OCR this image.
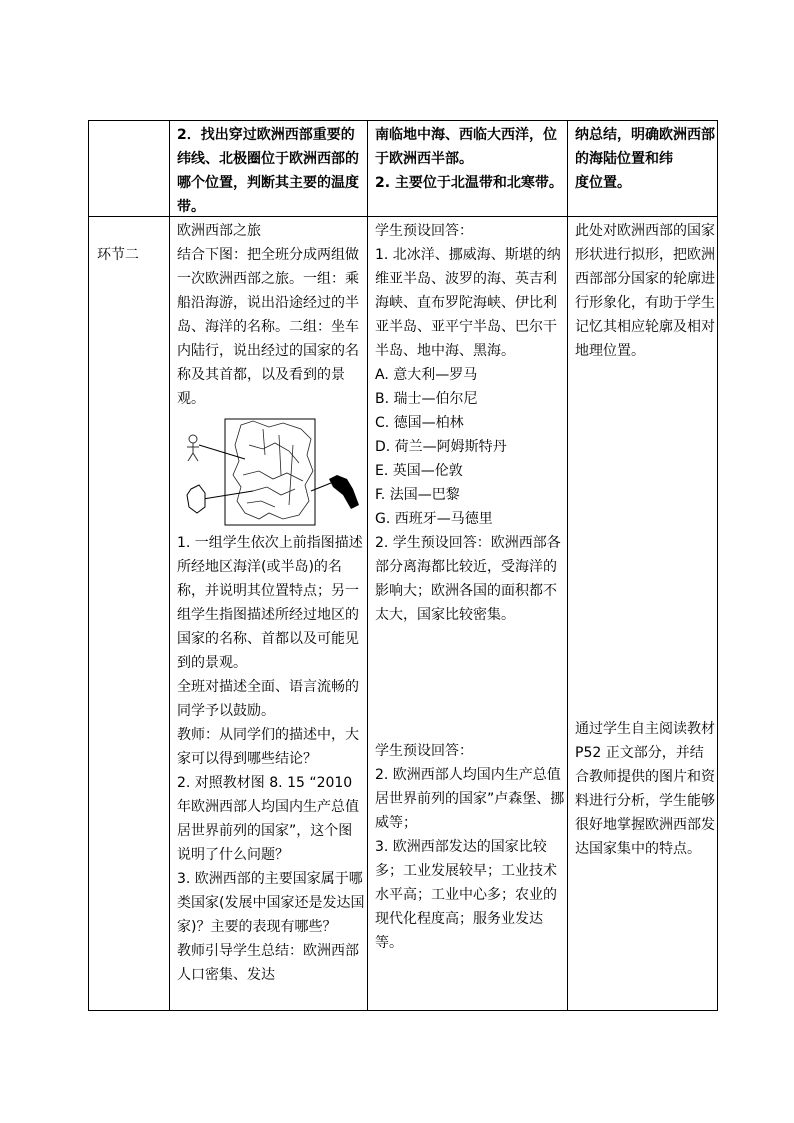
2．找出穿过欧洲西部重要的纬线、北极圈位于欧洲西部的哪个位置，判断其主要的温度带。
南临地中海、西临大西洋，位于欧洲西半部。
2. 主要位于北温带和北寒带。
纳总结，明确欧洲西部的海陆位置和纬
度位置。
环节二
欧洲西部之旅
结合下图：把全班分成两组做一次欧洲西部之旅。一组：乘船沿海游，说出沿途经过的半岛、海洋的名称。二组：坐车内陆行，说出经过的国家的名称及其首都，以及看到的景观。
1. 一组学生依次上前指图描述所经地区海洋(或半岛)的名称，并说明其位置特点；另一组学生指图描述所经过地区的国家的名称、首都以及可能见到的景观。
全班对描述全面、语言流畅的同学予以鼓励。
教师：从同学们的描述中，大家可以得到哪些结论？
2. 对照教材图 8. 15 “2010年欧洲西部人均国内生产总值居世界前列的国家”，这个图说明了什么问题？
3. 欧洲西部的主要国家属于哪类国家(发展中国家还是发达国家)？主要的表现有哪些？
教师引导学生总结：欧洲西部人口密集、发达
学生预设回答：
1. 北冰洋、挪威海、斯堪的纳维亚半岛、波罗的海、英吉利海峡、直布罗陀海峡、伊比利亚半岛、亚平宁半岛、巴尔干半岛、地中海、黑海。
A. 意大利—罗马
B. 瑞士—伯尔尼
C. 德国—柏林
D. 荷兰—阿姆斯特丹
E. 英国—伦敦
F. 法国—巴黎
G. 西班牙—马德里
2. 学生预设回答：欧洲西部各部分离海都比较近，受海洋的影响大；欧洲各国的面积都不太大，国家比较密集。
学生预设回答：
2. 欧洲西部人均国内生产总值居世界前列的国家”卢森堡、挪威等；
3. 欧洲西部发达的国家比较多；工业发展较早；工业技术水平高；工业中心多；农业的现代化程度高；服务业发达等。
此处对欧洲西部的国家形状进行拟形，把欧洲西部部分国家的轮廓进行形象化，有助于学生记忆其相应轮廓及相对地理位置。
通过学生自主阅读教材 P52 正文部分，并结合教师提供的图片和资料进行分析，学生能够很好地掌握欧洲西部发达国家集中的特点。
